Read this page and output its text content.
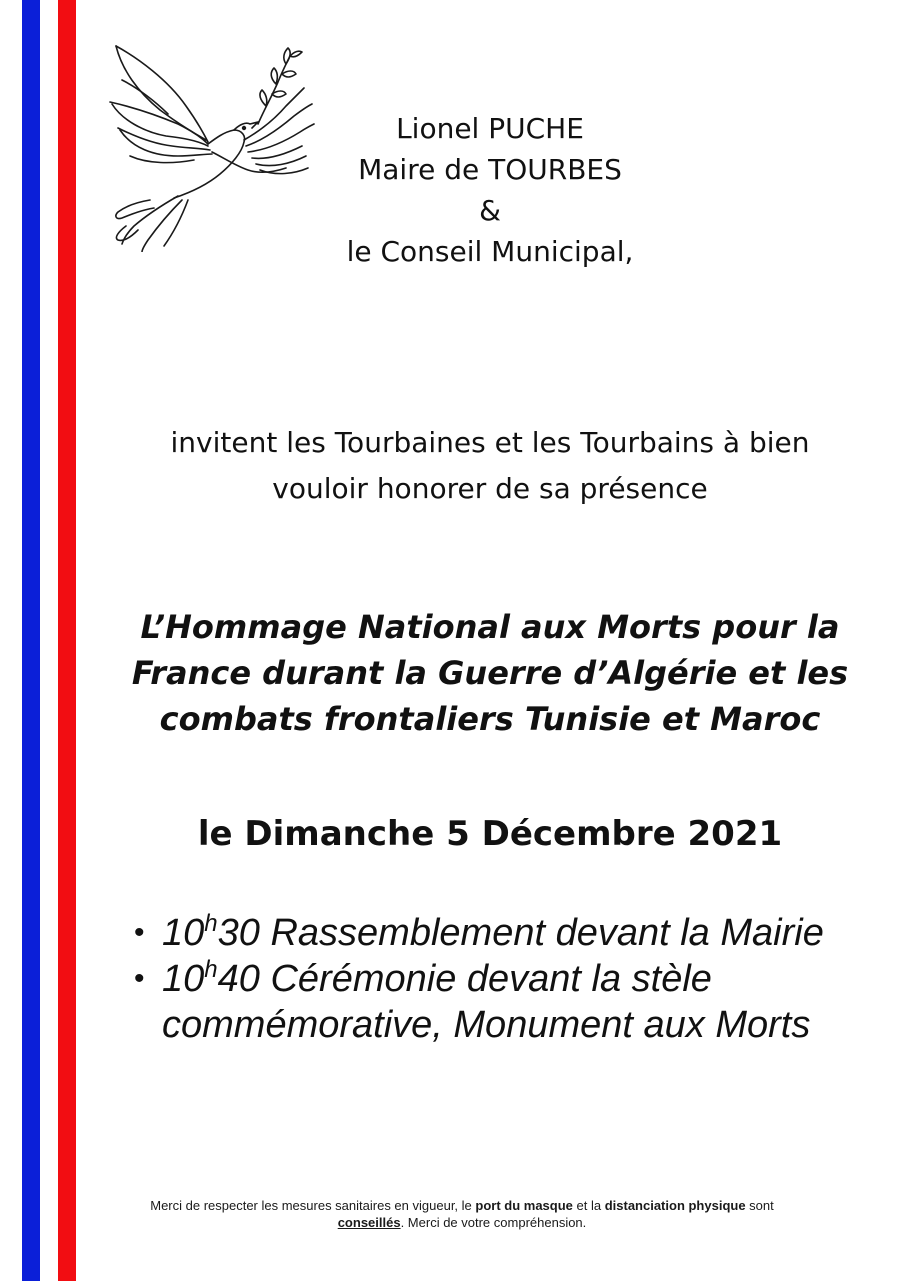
Lionel PUCHE
Maire de TOURBES
&
le Conseil Municipal,
invitent les Tourbaines et les Tourbains à bien
vouloir honorer de sa présence
L’Hommage National aux Morts pour la
France durant la Guerre d’Algérie et les
combats frontaliers Tunisie et Maroc
le Dimanche 5 Décembre 2021
• 10$^h$30 Rassemblement devant la Mairie
• 10$^h$40 Cérémonie devant la stèle
commémorative, Monument aux Morts
Merci de respecter les mesures sanitaires en vigueur, le port du masque et la distanciation physique sont
conseillés. Merci de votre compréhension.
